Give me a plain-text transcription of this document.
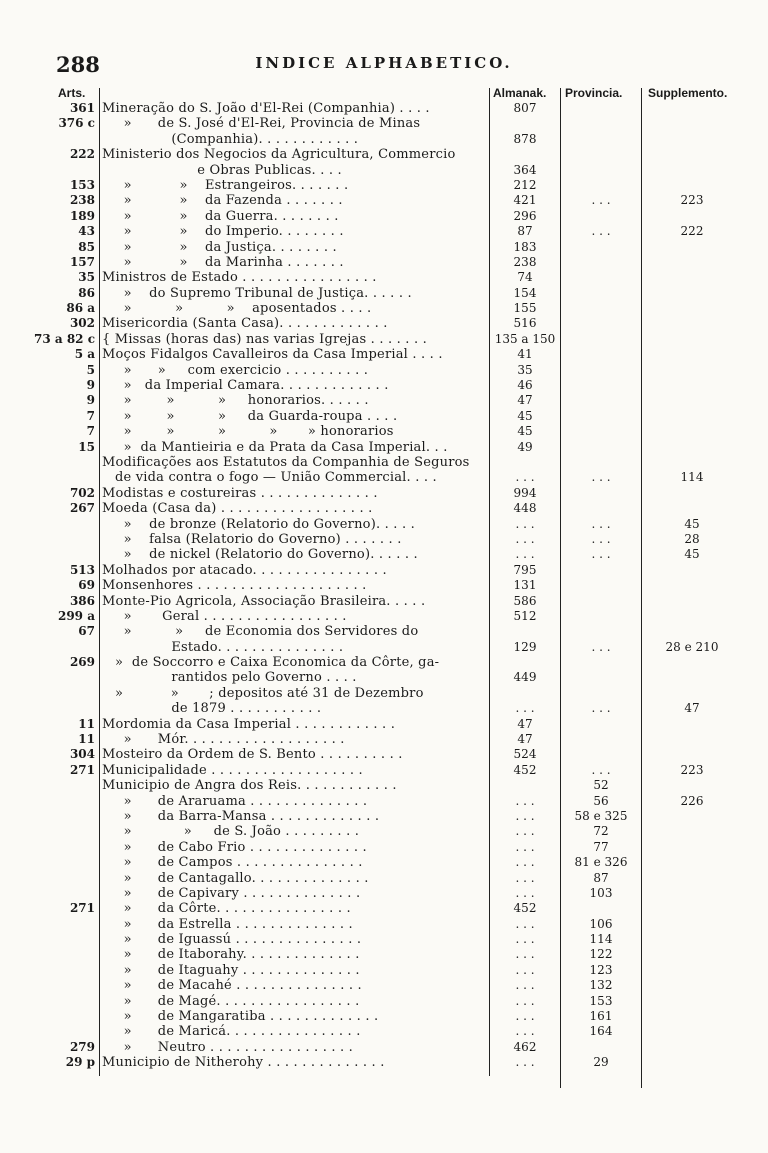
288	INDICE ALPHABETICO.
Arts.	Almanak. Provincia. Supplemento.
361 Mineração do S. João d'El-Rei (Companhia) . . . .	807
376 c »      de S. José d'El-Rei, Provincia de Minas
(Companhia). . . . . . . . . . . .	878
222 Ministerio dos Negocios da Agricultura, Commercio
e Obras Publicas. . . .	364
153 »           »    Estrangeiros. . . . . . .	212
238 »           »    da Fazenda . . . . . . .	421	. . .	223
189 »           »    da Guerra. . . . . . . .	296
43 »           »    do Imperio. . . . . . . .	87	. . .	222
85 »           »    da Justiça. . . . . . . .	183
157 »           »    da Marinha . . . . . . .	238
35 Ministros de Estado . . . . . . . . . . . . . . . .	74
86 »    do Supremo Tribunal de Justiça. . . . . .	154
86 a »          »          »    aposentados . . . .	155
302 Misericordia (Santa Casa). . . . . . . . . . . . .	516
73 a 82 c { Missas (horas das) nas varias Igrejas . . . . . . .	135 a 150
5 a Moços Fidalgos Cavalleiros da Casa Imperial . . . .	41
5 »      »     com exercicio . . . . . . . . . .	35
9 »   da Imperial Camara. . . . . . . . . . . . .	46
9 »        »          »     honorarios. . . . . .	47
7 »        »          »     da Guarda-roupa . . . .	45
7 »        »          »          »       » honorarios	45
15 »  da Mantieiria e da Prata da Casa Imperial. . .	49
Modificações aos Estatutos da Companhia de Seguros
de vida contra o fogo — União Commercial. . . .	. . .	. . .	114
702 Modistas e costureiras . . . . . . . . . . . . . .	994
267 Moeda (Casa da) . . . . . . . . . . . . . . . . . .	448
»    de bronze (Relatorio do Governo). . . . .	. . .	. . .	45
»    falsa (Relatorio do Governo) . . . . . . .	. . .	. . .	28
»    de nickel (Relatorio do Governo). . . . . .	. . .	. . .	45
513 Molhados por atacado. . . . . . . . . . . . . . . .	795
69 Monsenhores . . . . . . . . . . . . . . . . . . . .	131
386 Monte-Pio Agricola, Associação Brasileira. . . . .	586
299 a »       Geral . . . . . . . . . . . . . . . . .	512
67 »          »     de Economia dos Servidores do
Estado. . . . . . . . . . . . . . .	129	. . .	28 e 210
269 »  de Soccorro e Caixa Economica da Côrte, ga-
rantidos pelo Governo . . . .	449
»           »       ; depositos até 31 de Dezembro
de 1879 . . . . . . . . . . .	. . .	. . .	47
11 Mordomia da Casa Imperial . . . . . . . . . . . .	47
11 »      Mór. . . . . . . . . . . . . . . . . . .	47
304 Mosteiro da Ordem de S. Bento . . . . . . . . . .	524
271 Municipalidade . . . . . . . . . . . . . . . . . .	452	. . .	223
Municipio de Angra dos Reis. . . . . . . . . . . .	52
»      de Araruama . . . . . . . . . . . . . .	. . .	56	226
»      da Barra-Mansa . . . . . . . . . . . . .	. . .	58 e 325
»            »     de S. João . . . . . . . . .	. . .	72
»      de Cabo Frio . . . . . . . . . . . . . .	. . .	77
»      de Campos . . . . . . . . . . . . . . .	. . .	81 e 326
»      de Cantagallo. . . . . . . . . . . . . .	. . .	87
»      de Capivary . . . . . . . . . . . . . .	. . .	103
271 »      da Côrte. . . . . . . . . . . . . . . .	452
»      da Estrella . . . . . . . . . . . . . .	. . .	106
»      de Iguassú . . . . . . . . . . . . . . .	. . .	114
»      de Itaborahy. . . . . . . . . . . . . .	. . .	122
»      de Itaguahy . . . . . . . . . . . . . .	. . .	123
»      de Macahé . . . . . . . . . . . . . . .	. . .	132
»      de Magé. . . . . . . . . . . . . . . . .	. . .	153
»      de Mangaratiba . . . . . . . . . . . . .	. . .	161
»      de Maricá. . . . . . . . . . . . . . . .	. . .	164
279 »      Neutro . . . . . . . . . . . . . . . . .	462
29 p Municipio de Nitherohy . . . . . . . . . . . . . .	. . .	29
